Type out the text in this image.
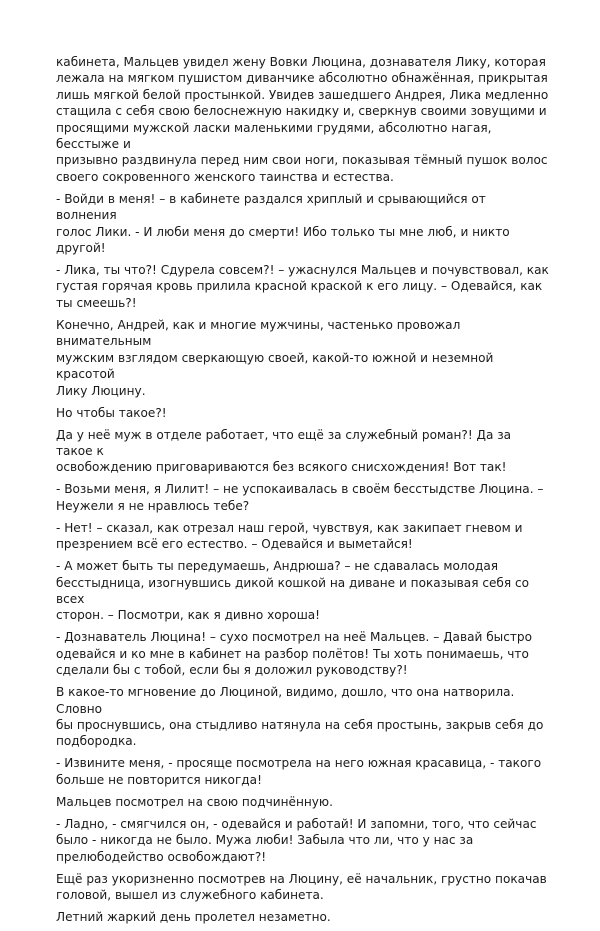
кабинета, Мальцев увидел жену Вовки Люцина, дознавателя Лику, которая
лежала на мягком пушистом диванчике абсолютно обнажённая, прикрытая
лишь мягкой белой простынкой. Увидев зашедшего Андрея, Лика медленно
стащила с себя свою белоснежную накидку и, сверкнув своими зовущими и
просящими мужской ласки маленькими грудями, абсолютно нагая, бесстыже и
призывно раздвинула перед ним свои ноги, показывая тёмный пушок волос
своего сокровенного женского таинства и естества.

- Войди в меня! – в кабинете раздался хриплый и срывающийся от волнения
голос Лики. - И люби меня до смерти! Ибо только ты мне люб, и никто другой!

- Лика, ты что?! Сдурела совсем?! – ужаснулся Мальцев и почувствовал, как
густая горячая кровь прилила красной краской к его лицу. – Одевайся, как
ты смеешь?!

Конечно, Андрей, как и многие мужчины, частенько провожал внимательным
мужским взглядом сверкающую своей, какой-то южной и неземной красотой
Лику Люцину.

Но чтобы такое?!

Да у неё муж в отделе работает, что ещё за служебный роман?! Да за такое к
освобождению приговариваются без всякого снисхождения! Вот так!

- Возьми меня, я Лилит! – не успокаивалась в своём бесстыдстве Люцина. –
Неужели я не нравлюсь тебе?

- Нет! – сказал, как отрезал наш герой, чувствуя, как закипает гневом и
презрением всё его естество. – Одевайся и выметайся!

- А может быть ты передумаешь, Андрюша? – не сдавалась молодая
бесстыдница, изогнувшись дикой кошкой на диване и показывая себя со всех
сторон. – Посмотри, как я дивно хороша!

- Дознаватель Люцина! – сухо посмотрел на неё Мальцев. – Давай быстро
одевайся и ко мне в кабинет на разбор полётов! Ты хоть понимаешь, что
сделали бы с тобой, если бы я доложил руководству?!

В какое-то мгновение до Люциной, видимо, дошло, что она натворила. Словно
бы проснувшись, она стыдливо натянула на себя простынь, закрыв себя до
подбородка.

- Извините меня, - просяще посмотрела на него южная красавица, - такого
больше не повторится никогда!

Мальцев посмотрел на свою подчинённую.

- Ладно, - смягчился он, - одевайся и работай! И запомни, того, что сейчас
было - никогда не было. Мужа люби! Забыла что ли, что у нас за
прелюбодейство освобождают?!

Ещё раз укоризненно посмотрев на Люцину, её начальник, грустно покачав
головой, вышел из служебного кабинета.

Летний жаркий день пролетел незаметно.
